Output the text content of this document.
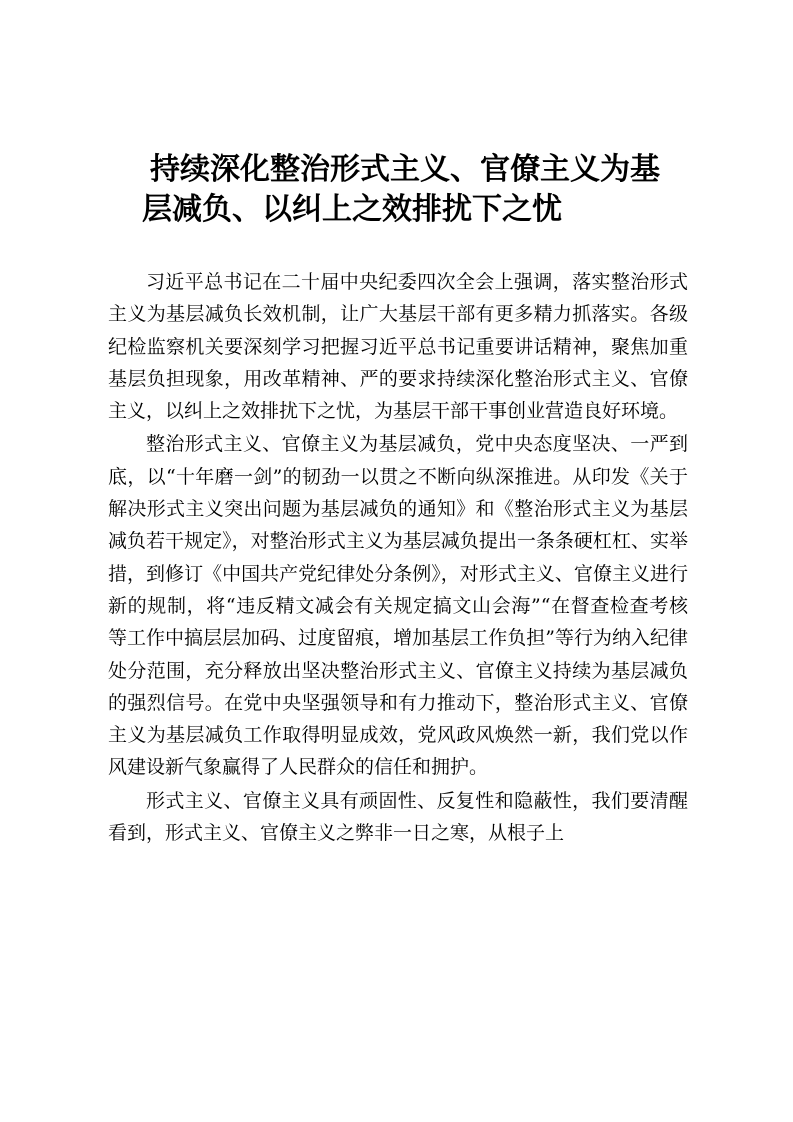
持续深化整治形式主义、官僚主义为基
层减负、以纠上之效排扰下之忧

习近平总书记在二十届中央纪委四次全会上强调，落实整治形式主义为基层减负长效机制，让广大基层干部有更多精力抓落实。各级纪检监察机关要深刻学习把握习近平总书记重要讲话精神，聚焦加重基层负担现象，用改革精神、严的要求持续深化整治形式主义、官僚主义，以纠上之效排扰下之忧，为基层干部干事创业营造良好环境。

整治形式主义、官僚主义为基层减负，党中央态度坚决、一严到底，以“十年磨一剑”的韧劲一以贯之不断向纵深推进。从印发《关于解决形式主义突出问题为基层减负的通知》和《整治形式主义为基层减负若干规定》，对整治形式主义为基层减负提出一条条硬杠杠、实举措，到修订《中国共产党纪律处分条例》，对形式主义、官僚主义进行新的规制，将“违反精文减会有关规定搞文山会海”“在督查检查考核等工作中搞层层加码、过度留痕，增加基层工作负担”等行为纳入纪律处分范围，充分释放出坚决整治形式主义、官僚主义持续为基层减负的强烈信号。在党中央坚强领导和有力推动下，整治形式主义、官僚主义为基层减负工作取得明显成效，党风政风焕然一新，我们党以作风建设新气象赢得了人民群众的信任和拥护。

形式主义、官僚主义具有顽固性、反复性和隐蔽性，我们要清醒看到，形式主义、官僚主义之弊非一日之寒，从根子上
